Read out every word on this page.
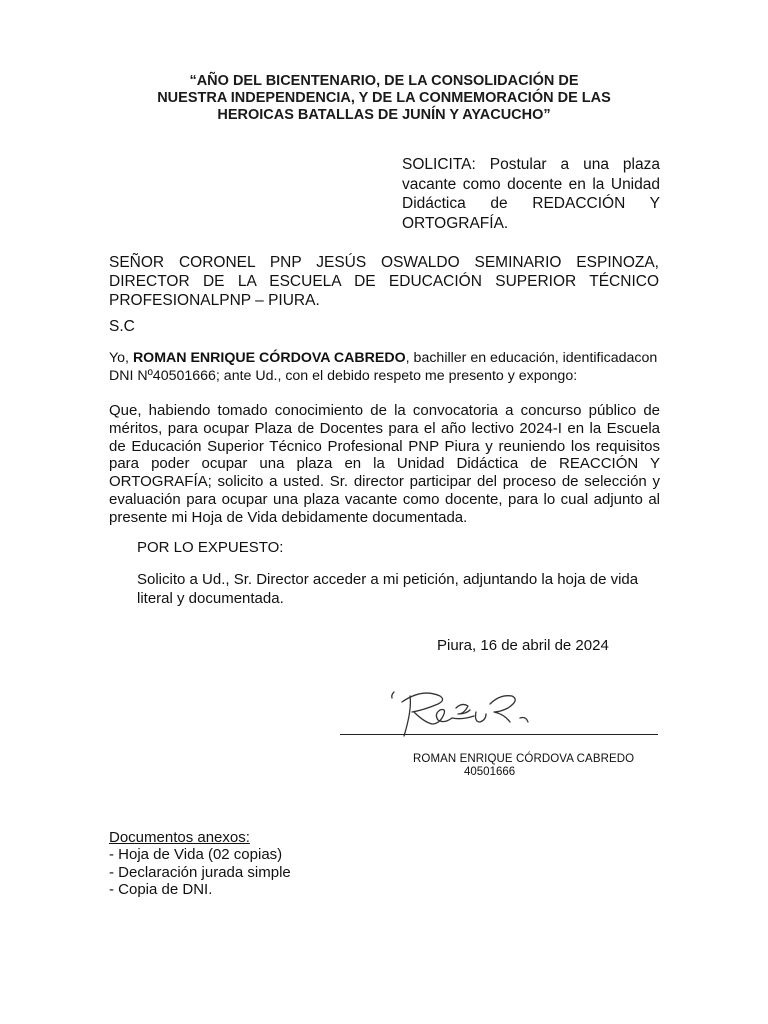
“AÑO DEL BICENTENARIO, DE LA CONSOLIDACIÓN DE
NUESTRA INDEPENDENCIA, Y DE LA CONMEMORACIÓN DE LAS
HEROICAS BATALLAS DE JUNÍN Y AYACUCHO”
SOLICITA: Postular a una plaza
vacante como docente en la Unidad
Didáctica de REDACCIÓN Y
ORTOGRAFÍA.
SEÑOR CORONEL PNP JESÚS OSWALDO SEMINARIO ESPINOZA,
DIRECTOR DE LA ESCUELA DE EDUCACIÓN SUPERIOR TÉCNICO
PROFESIONALPNP – PIURA.
S.C
Yo, ROMAN ENRIQUE CÓRDOVA CABREDO, bachiller en educación, identificadacon
DNI Nº40501666; ante Ud., con el debido respeto me presento y expongo:
Que, habiendo tomado conocimiento de la convocatoria a concurso público de méritos, para ocupar Plaza de Docentes para el año lectivo 2024-I en la Escuela de Educación Superior Técnico Profesional PNP Piura y reuniendo los requisitos para poder ocupar una plaza en la Unidad Didáctica de REACCIÓN Y ORTOGRAFÍA; solicito a usted. Sr. director participar del proceso de selección y evaluación para ocupar una plaza vacante como docente, para lo cual adjunto al presente mi Hoja de Vida debidamente documentada.
POR LO EXPUESTO:
Solicito a Ud., Sr. Director acceder a mi petición, adjuntando la hoja de vida literal y documentada.
Piura, 16 de abril de 2024
ROMAN ENRIQUE CÓRDOVA CABREDO
40501666
Documentos anexos:
- Hoja de Vida (02 copias)
- Declaración jurada simple
- Copia de DNI.
